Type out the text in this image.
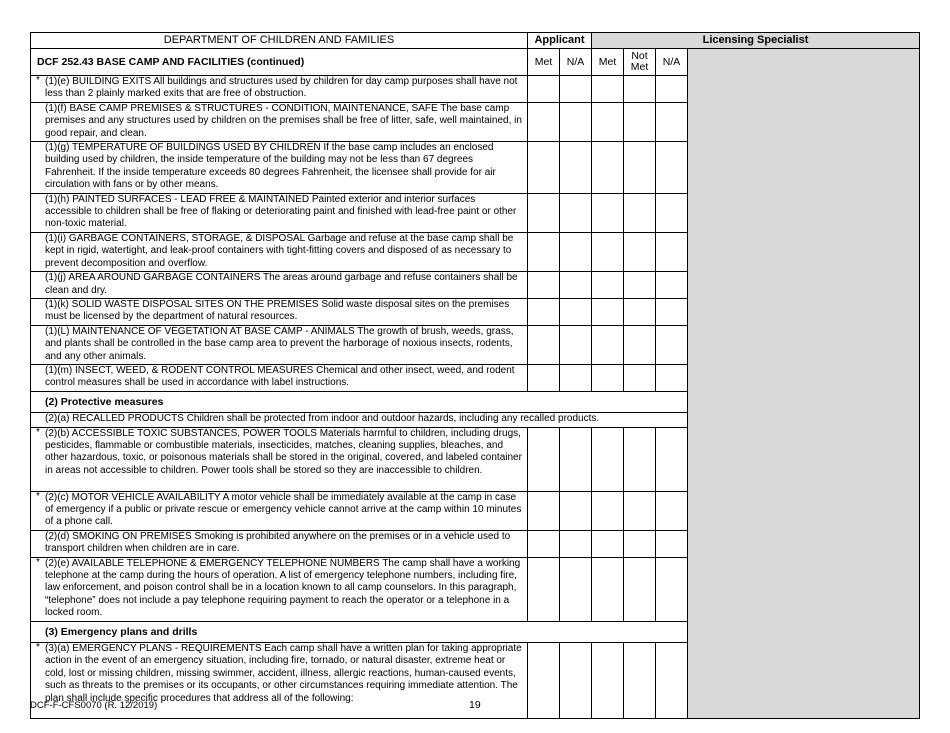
DEPARTMENT OF CHILDREN AND FAMILIES	Applicant		Licensing Specialist			
DCF 252.43 BASE CAMP AND FACILITIES (continued)	Met	N/A	Met	Not Met	N/A	

* (1)(e) BUILDING EXITS All buildings and structures used by children for day camp purposes shall have not less than 2 plainly marked exits that are free of obstruction.						

(1)(f) BASE CAMP PREMISES & STRUCTURES - CONDITION, MAINTENANCE, SAFE The base camp premises and any structures used by children on the premises shall be free of litter, safe, well maintained, in good repair, and clean.						

(1)(g) TEMPERATURE OF BUILDINGS USED BY CHILDREN If the base camp includes an enclosed building used by children, the inside temperature of the building may not be less than 67 degrees Fahrenheit. If the inside temperature exceeds 80 degrees Fahrenheit, the licensee shall provide for air circulation with fans or by other means.						

(1)(h) PAINTED SURFACES - LEAD FREE & MAINTAINED Painted exterior and interior surfaces accessible to children shall be free of flaking or deteriorating paint and finished with lead-free paint or other non-toxic material.						

(1)(i) GARBAGE CONTAINERS, STORAGE, & DISPOSAL Garbage and refuse at the base camp shall be kept in rigid, watertight, and leak-proof containers with tight-fitting covers and disposed of as necessary to prevent decomposition and overflow.						

(1)(j) AREA AROUND GARBAGE CONTAINERS The areas around garbage and refuse containers shall be clean and dry.						

(1)(k) SOLID WASTE DISPOSAL SITES ON THE PREMISES Solid waste disposal sites on the premises must be licensed by the department of natural resources.						

(1)(L) MAINTENANCE OF VEGETATION AT BASE CAMP - ANIMALS The growth of brush, weeds, grass, and plants shall be controlled in the base camp area to prevent the harborage of noxious insects, rodents, and any other animals.						

(1)(m) INSECT, WEED, & RODENT CONTROL MEASURES Chemical and other insect, weed, and rodent control measures shall be used in accordance with label instructions.						
(2) Protective measures						
(2)(a) RECALLED PRODUCTS Children shall be protected from indoor and outdoor hazards, including any recalled products.						

* (2)(b) ACCESSIBLE TOXIC SUBSTANCES, POWER TOOLS Materials harmful to children, including drugs, pesticides, flammable or combustible materials, insecticides, matches, cleaning supplies, bleaches, and other hazardous, toxic, or poisonous materials shall be stored in the original, covered, and labeled container in areas not accessible to children. Power tools shall be stored so they are inaccessible to children.						

* (2)(c) MOTOR VEHICLE AVAILABILITY A motor vehicle shall be immediately available at the camp in case of emergency if a public or private rescue or emergency vehicle cannot arrive at the camp within 10 minutes of a phone call.						

(2)(d) SMOKING ON PREMISES Smoking is prohibited anywhere on the premises or in a vehicle used to transport children when children are in care.						

* (2)(e) AVAILABLE TELEPHONE & EMERGENCY TELEPHONE NUMBERS The camp shall have a working telephone at the camp during the hours of operation. A list of emergency telephone numbers, including fire, law enforcement, and poison control shall be in a location known to all camp counselors. In this paragraph, “telephone” does not include a pay telephone requiring payment to reach the operator or a telephone in a locked room.						
(3) Emergency plans and drills						

* (3)(a) EMERGENCY PLANS - REQUIREMENTS Each camp shall have a written plan for taking appropriate action in the event of an emergency situation, including fire, tornado, or natural disaster, extreme heat or cold, lost or missing children, missing swimmer, accident, illness, allergic reactions, human-caused events, such as threats to the premises or its occupants, or other circumstances requiring immediate attention. The plan shall include specific procedures that address all of the following:						
DCF-F-CFS0070 (R. 12/2019)	19
